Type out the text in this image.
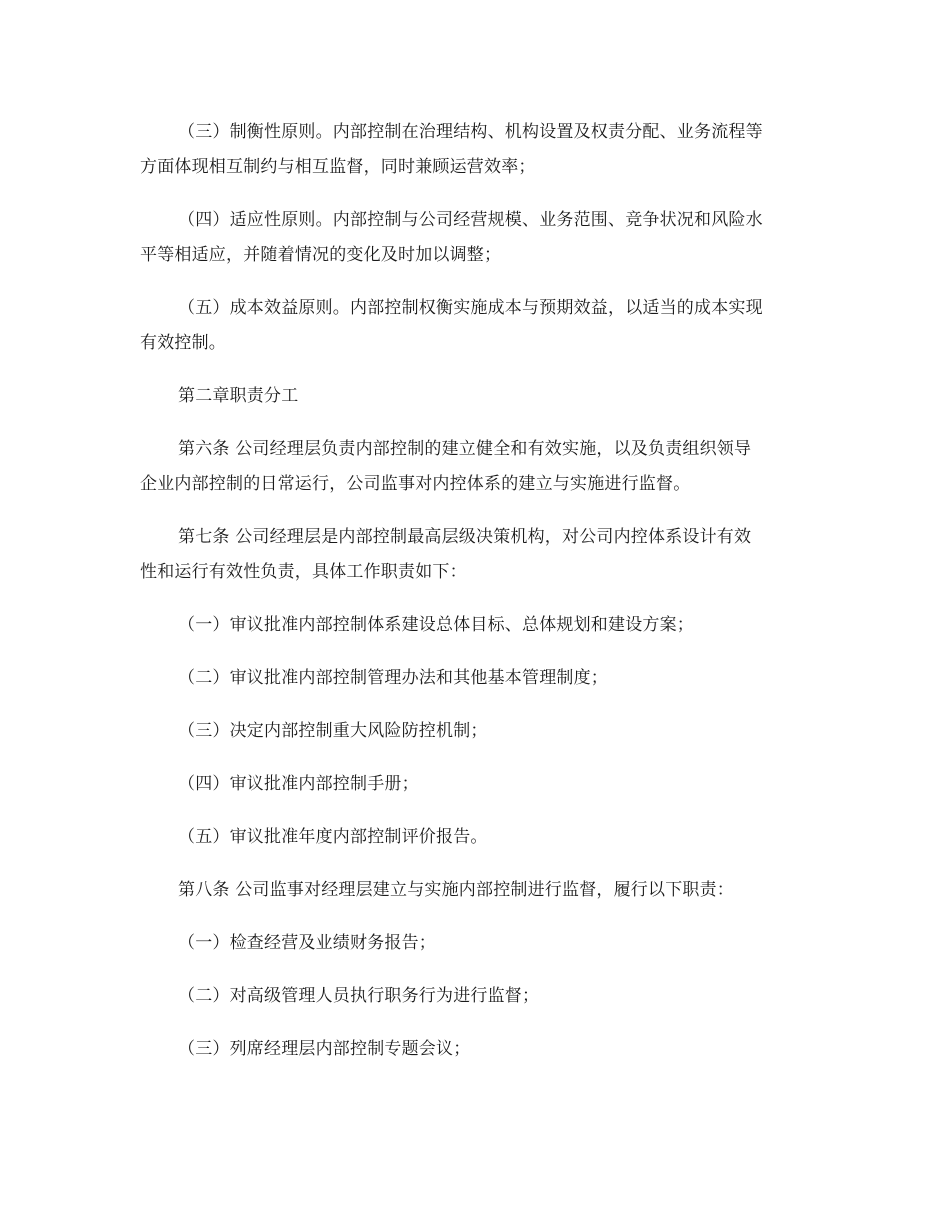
（三）制衡性原则。内部控制在治理结构、机构设置及权责分配、业务流程等
方面体现相互制约与相互监督，同时兼顾运营效率；

（四）适应性原则。内部控制与公司经营规模、业务范围、竞争状况和风险水
平等相适应，并随着情况的变化及时加以调整；

（五）成本效益原则。内部控制权衡实施成本与预期效益，以适当的成本实现
有效控制。

第二章职责分工

第六条 公司经理层负责内部控制的建立健全和有效实施，以及负责组织领导
企业内部控制的日常运行，公司监事对内控体系的建立与实施进行监督。

第七条 公司经理层是内部控制最高层级决策机构，对公司内控体系设计有效
性和运行有效性负责，具体工作职责如下：

（一）审议批准内部控制体系建设总体目标、总体规划和建设方案；

（二）审议批准内部控制管理办法和其他基本管理制度；

（三）决定内部控制重大风险防控机制；

（四）审议批准内部控制手册；

（五）审议批准年度内部控制评价报告。

第八条 公司监事对经理层建立与实施内部控制进行监督，履行以下职责：

（一）检查经营及业绩财务报告；

（二）对高级管理人员执行职务行为进行监督；

（三）列席经理层内部控制专题会议；
